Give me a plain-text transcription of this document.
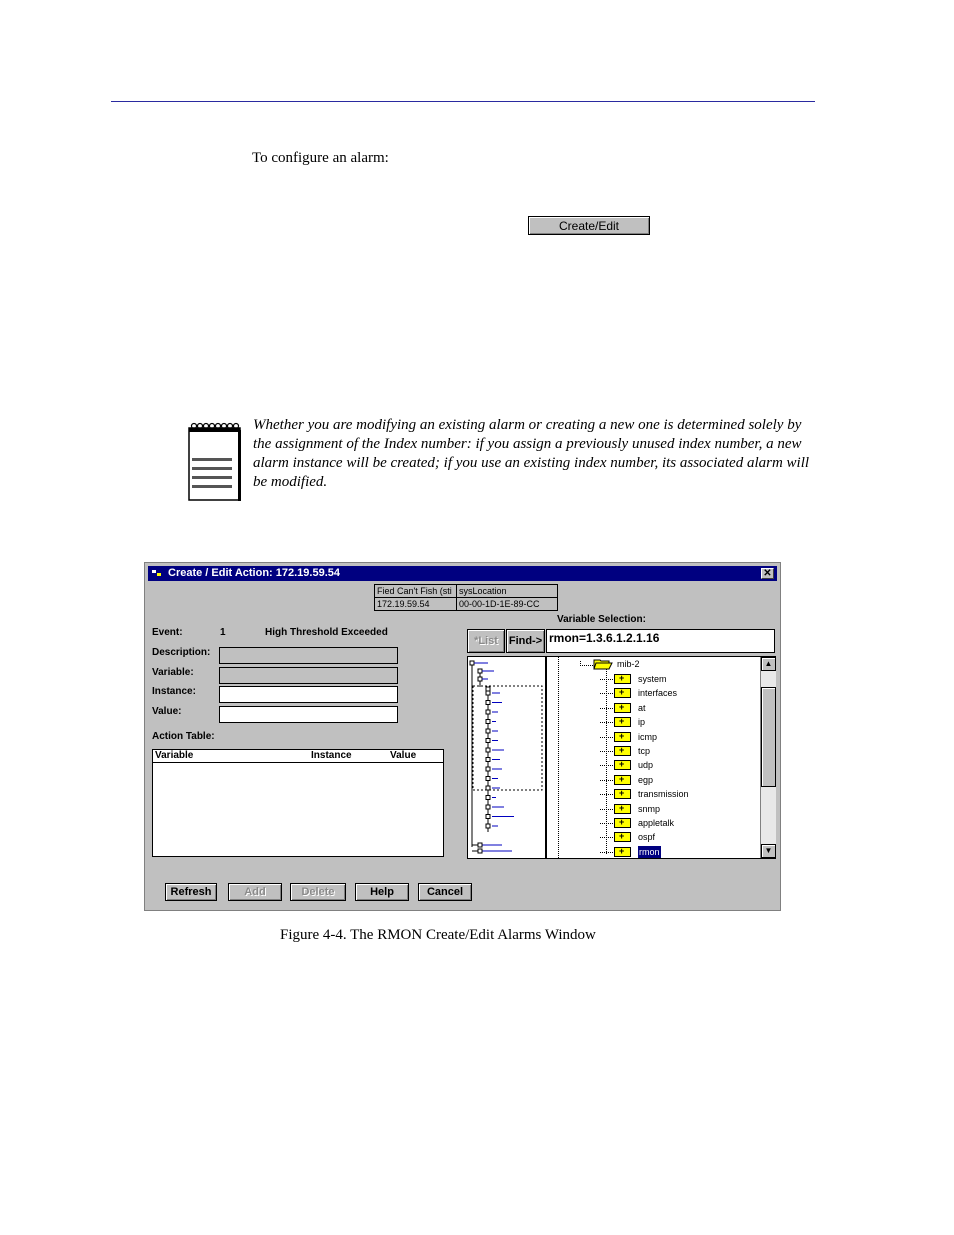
To configure an alarm:
Create/Edit
Whether you are modifying an existing alarm or creating a new one is determined solely by the assignment of the Index number: if you assign a previously unused index number, a new alarm instance will be created; if you use an existing index number, its associated alarm will be modified.
Create / Edit Action: 172.19.59.54	✕
Fied Can't Fish (sti sysLocation
172.19.59.54	00-00-1D-1E-89-CC
Event:	1	High Threshold Exceeded
Description:
Variable:
Instance:
Value:
Action Table:
Variable	Instance	Value
Variable Selection:
*List Find-> rmon=1.3.6.1.2.1.16
mib-2
+
system
+
interfaces
+
at
+
ip
+
icmp
+
tcp
+
udp
+
egp
+
transmission
+
snmp
+
appletalk
+
ospf
+
rmon
▲
▼
Refresh	Add	Delete	Help	Cancel
Figure 4-4. The RMON Create/Edit Alarms Window
